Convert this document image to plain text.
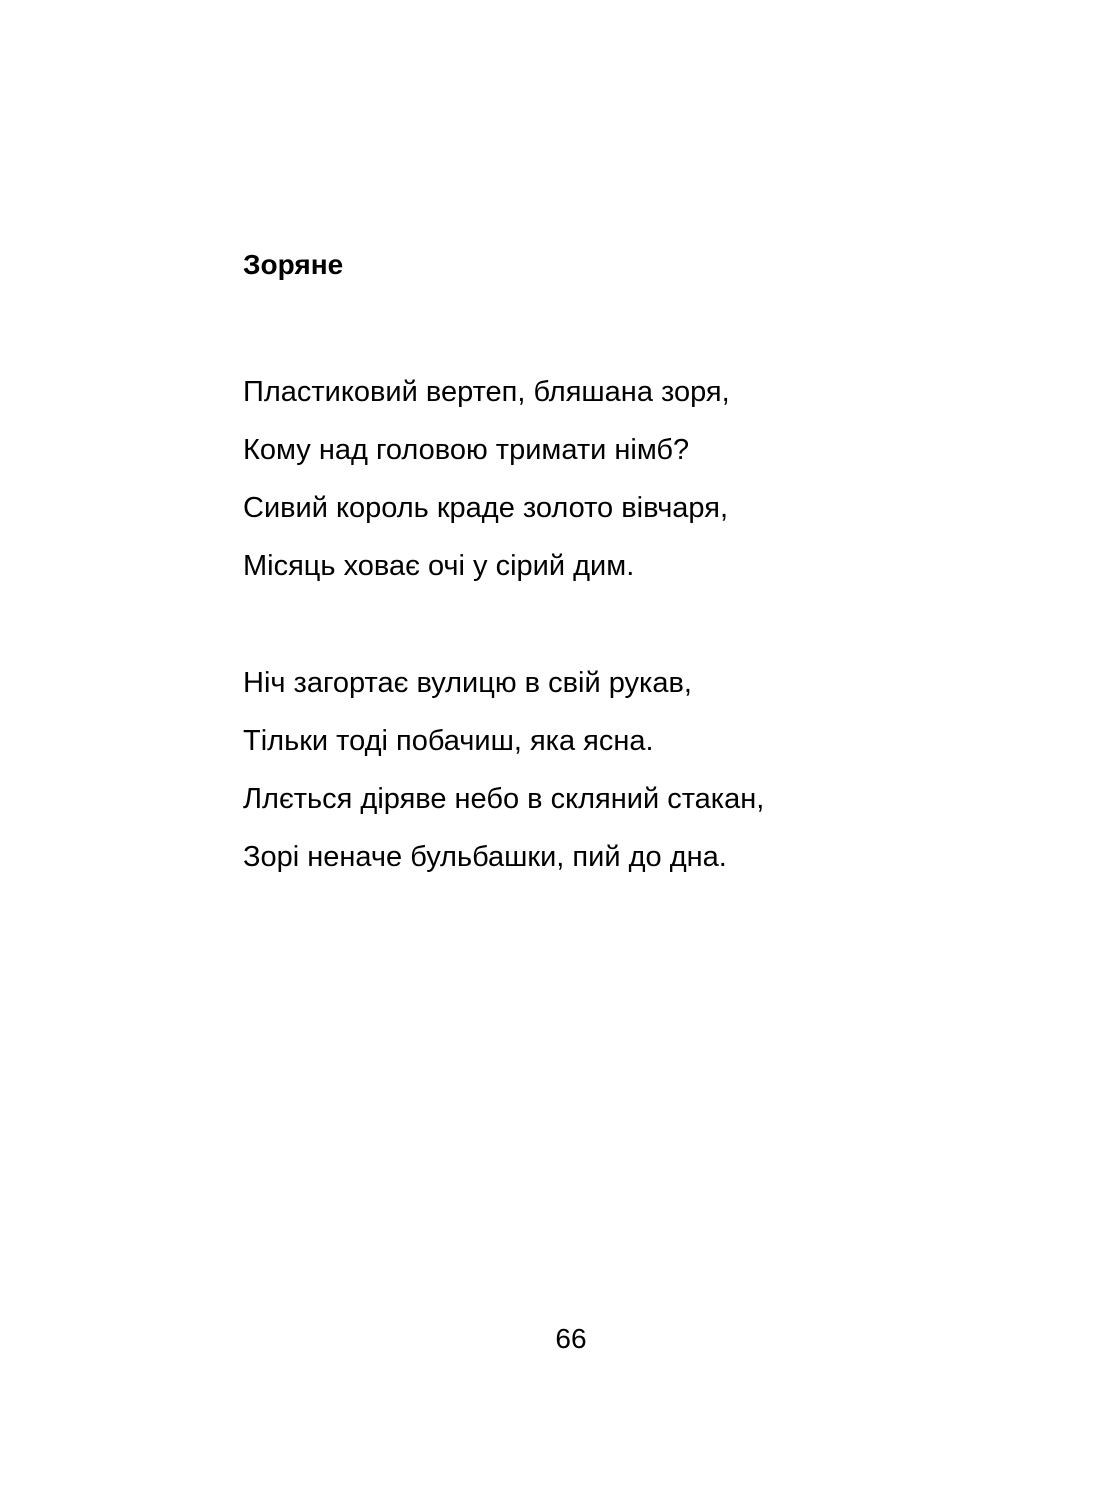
Зоряне
Пластиковий вертеп, бляшана зоря,
Кому над головою тримати німб?
Сивий король краде золото вівчаря,
Місяць ховає очі у сірий дим.
Ніч загортає вулицю в свій рукав,
Тільки тоді побачиш, яка ясна.
Ллється діряве небо в скляний стакан,
Зорі неначе бульбашки, пий до дна.
66
